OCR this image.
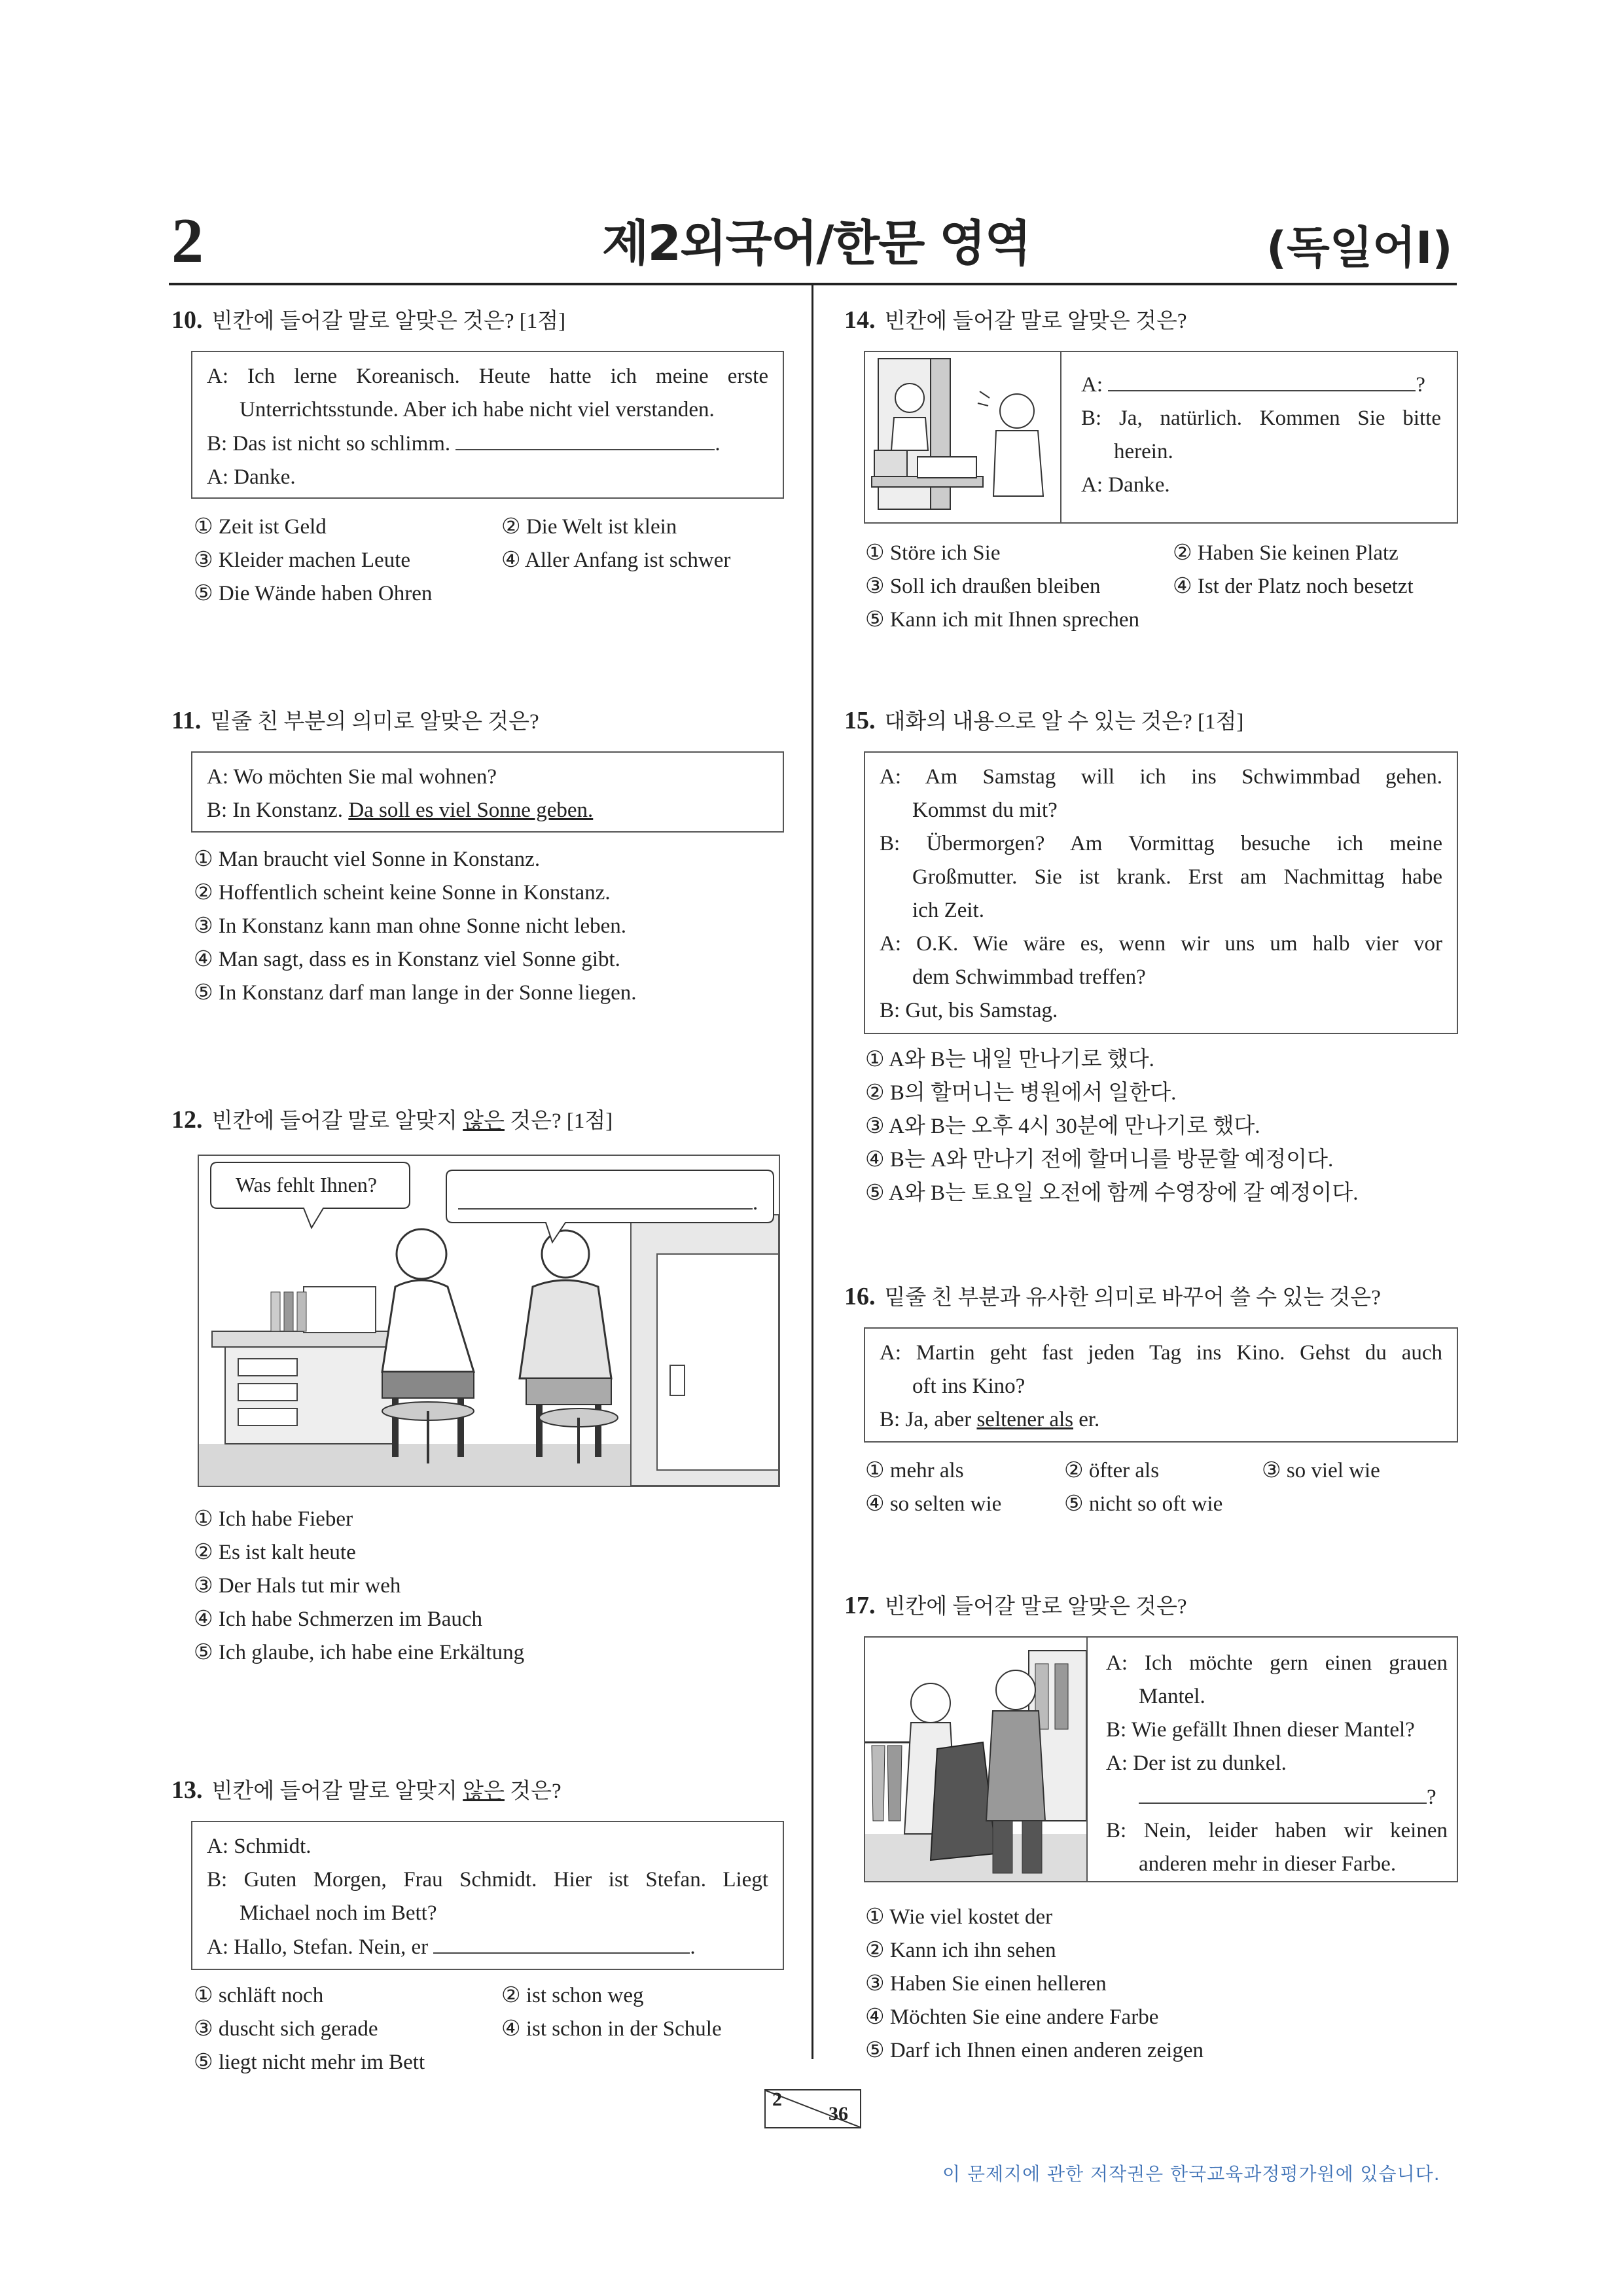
2	제2외국어/한문 영역	(독일어Ⅰ)
10. 빈칸에 들어갈 말로 알맞은 것은? [1점]
A: Ich lerne Koreanisch. Heute hatte ich meine erste
Unterrichtsstunde. Aber ich habe nicht viel verstanden.
B: Das ist nicht so schlimm.	.
A: Danke.
① Zeit ist Geld	② Die Welt ist klein
③ Kleider machen Leute	④ Aller Anfang ist schwer
⑤ Die Wände haben Ohren
11. 밑줄 친 부분의 의미로 알맞은 것은?
A: Wo möchten Sie mal wohnen?
B: In Konstanz. Da soll es viel Sonne geben.
① Man braucht viel Sonne in Konstanz.
② Hoffentlich scheint keine Sonne in Konstanz.
③ In Konstanz kann man ohne Sonne nicht leben.
④ Man sagt, dass es in Konstanz viel Sonne gibt.
⑤ In Konstanz darf man lange in der Sonne liegen.
12. 빈칸에 들어갈 말로 알맞지 않은 것은? [1점]
Was fehlt Ihnen?
.
① Ich habe Fieber
② Es ist kalt heute
③ Der Hals tut mir weh
④ Ich habe Schmerzen im Bauch
⑤ Ich glaube, ich habe eine Erkältung
13. 빈칸에 들어갈 말로 알맞지 않은 것은?
A: Schmidt.
B: Guten Morgen, Frau Schmidt. Hier ist Stefan. Liegt
Michael noch im Bett?
A: Hallo, Stefan. Nein, er	.
① schläft noch	② ist schon weg
③ duscht sich gerade	④ ist schon in der Schule
⑤ liegt nicht mehr im Bett
14. 빈칸에 들어갈 말로 알맞은 것은?
A:	?
B: Ja, natürlich. Kommen Sie bitte
herein.
A: Danke.
① Störe ich Sie	② Haben Sie keinen Platz
③ Soll ich draußen bleiben	④ Ist der Platz noch besetzt
⑤ Kann ich mit Ihnen sprechen
15. 대화의 내용으로 알 수 있는 것은? [1점]
A: Am Samstag will ich ins Schwimmbad gehen.
Kommst du mit?
B: Übermorgen? Am Vormittag besuche ich meine
Großmutter. Sie ist krank. Erst am Nachmittag habe
ich Zeit.
A: O.K. Wie wäre es, wenn wir uns um halb vier vor
dem Schwimmbad treffen?
B: Gut, bis Samstag.
① A와 B는 내일 만나기로 했다.
② B의 할머니는 병원에서 일한다.
③ A와 B는 오후 4시 30분에 만나기로 했다.
④ B는 A와 만나기 전에 할머니를 방문할 예정이다.
⑤ A와 B는 토요일 오전에 함께 수영장에 갈 예정이다.
16. 밑줄 친 부분과 유사한 의미로 바꾸어 쓸 수 있는 것은?
A: Martin geht fast jeden Tag ins Kino. Gehst du auch
oft ins Kino?
B: Ja, aber seltener als er.
① mehr als	② öfter als	③ so viel wie
④ so selten wie	⑤ nicht so oft wie
17. 빈칸에 들어갈 말로 알맞은 것은?
A: Ich möchte gern einen grauen
Mantel.
B: Wie gefällt Ihnen dieser Mantel?
A: Der ist zu dunkel.
?
B: Nein, leider haben wir keinen
anderen mehr in dieser Farbe.
① Wie viel kostet der
② Kann ich ihn sehen
③ Haben Sie einen helleren
④ Möchten Sie eine andere Farbe
⑤ Darf ich Ihnen einen anderen zeigen
2
36
이 문제지에 관한 저작권은 한국교육과정평가원에 있습니다.
